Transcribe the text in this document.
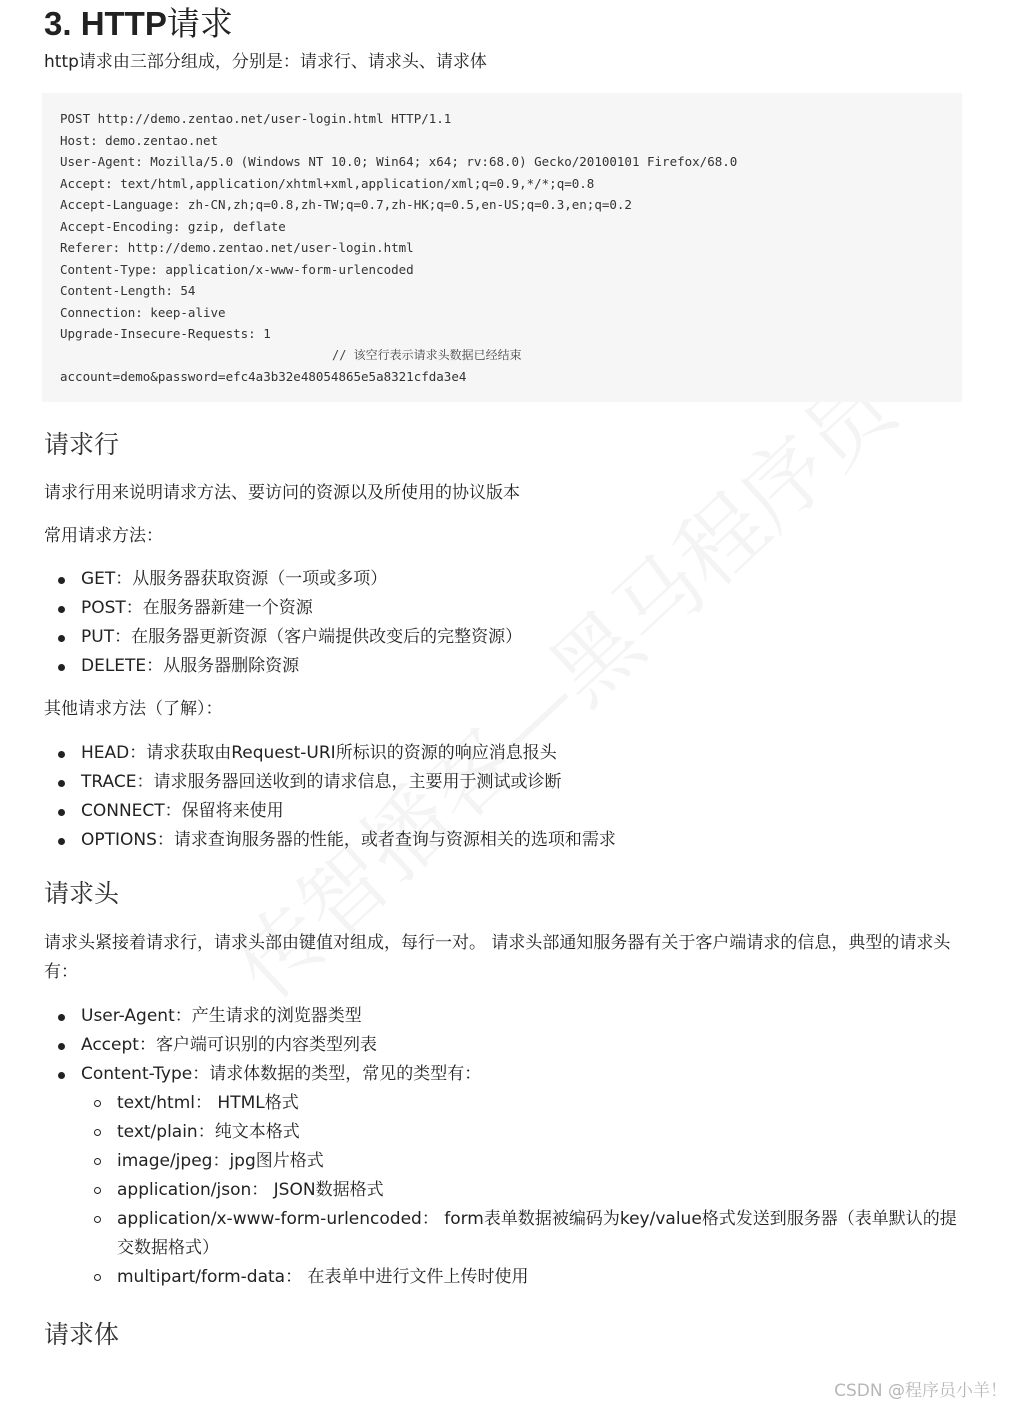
3. HTTP请求

http请求由三部分组成，分别是：请求行、请求头、请求体

POST http://demo.zentao.net/user-login.html HTTP/1.1
Host: demo.zentao.net
User-Agent: Mozilla/5.0 (Windows NT 10.0; Win64; x64; rv:68.0) Gecko/20100101 Firefox/68.0
Accept: text/html,application/xhtml+xml,application/xml;q=0.9,*/*;q=0.8
Accept-Language: zh-CN,zh;q=0.8,zh-TW;q=0.7,zh-HK;q=0.5,en-US;q=0.3,en;q=0.2
Accept-Encoding: gzip, deflate
Referer: http://demo.zentao.net/user-login.html
Content-Type: application/x-www-form-urlencoded
Content-Length: 54
Connection: keep-alive
Upgrade-Insecure-Requests: 1
// 该空行表示请求头数据已经结束
account=demo&password=efc4a3b32e48054865e5a8321cfda3e4
请求行

请求行用来说明请求方法、要访问的资源以及所使用的协议版本

常用请求方法：

GET：从服务器获取资源（一项或多项）
POST：在服务器新建一个资源
PUT：在服务器更新资源（客户端提供改变后的完整资源）
DELETE：从服务器删除资源

其他请求方法（了解）：

HEAD：请求获取由Request-URI所标识的资源的响应消息报头
TRACE：请求服务器回送收到的请求信息，主要用于测试或诊断
CONNECT：保留将来使用
OPTIONS：请求查询服务器的性能，或者查询与资源相关的选项和需求
请求头

请求头紧接着请求行，请求头部由键值对组成，每行一对。 请求头部通知服务器有关于客户端请求的信息，典型的请求头有：

User-Agent：产生请求的浏览器类型
Accept：客户端可识别的内容类型列表
Content-Type：请求体数据的类型，常见的类型有：
text/html： HTML格式
text/plain：纯文本格式
image/jpeg：jpg图片格式
application/json： JSON数据格式
application/x-www-form-urlencoded： form表单数据被编码为key/value格式发送到服务器（表单默认的提交数据格式）
multipart/form-data： 在表单中进行文件上传时使用
请求体
CSDN @程序员小羊！
